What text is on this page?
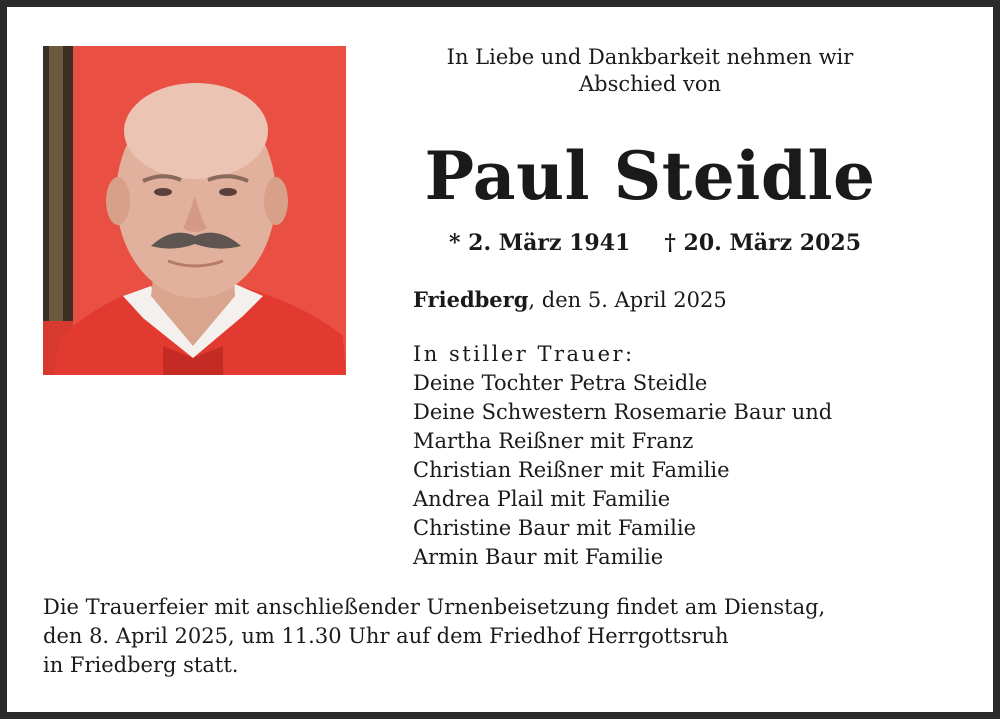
In Liebe und Dankbarkeit nehmen wir
Abschied von
Paul Steidle
* 2. März 1941 † 20. März 2025
Friedberg, den 5. April 2025
In stiller Trauer:
Deine Tochter Petra Steidle
Deine Schwestern Rosemarie Baur und
Martha Reißner mit Franz
Christian Reißner mit Familie
Andrea Plail mit Familie
Christine Baur mit Familie
Armin Baur mit Familie
Die Trauerfeier mit anschließender Urnenbeisetzung findet am Dienstag,
den 8. April 2025, um 11.30 Uhr auf dem Friedhof Herrgottsruh
in Friedberg statt.
